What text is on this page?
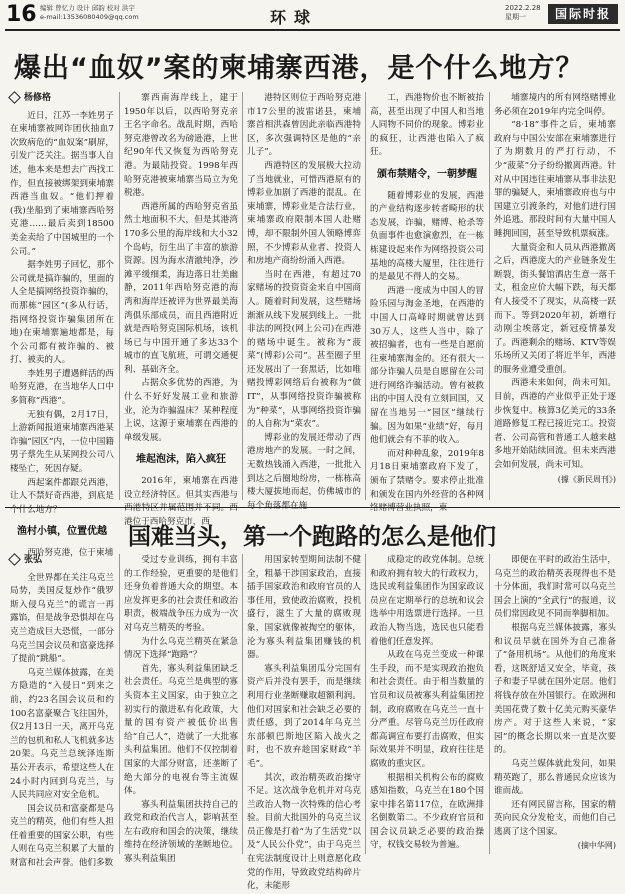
16 编辑 曾忆力 设计 邱韵 校对 洪宇
e-mail:13536080409@qq.com	环球	2022.2.28
星期一	国际时报
爆出“血奴”案的柬埔寨西港，是个什么地方？
杨修格

近日，江苏一李姓男子在柬埔寨被网诈团伙抽血7次致病危的“血奴案”刷屏，引发广泛关注。据当事人自述，他本来是想去广西找工作，但直接被绑架到柬埔寨西港当血奴。“他们押着(我)坐船到了柬埔寨西哈努克港……最后卖到18500美金卖给了中国城里的一个公司。”

据李姓男子回忆，那个公司就是搞诈骗的，里面的人全是搞网络投资诈骗的，而那栋“园区”(多从行话，指网络投资诈骗集团所在地)在柬埔寨遍地都是，每个公司都有被诈骗的、被打、被卖的人。

李姓男子遭遇鲜活的西哈努克港，在当地华人口中多简称“西港”。

无独有偶，2月17日，上游新闻报道柬埔寨西港某诈骗“园区”内，一位中国籍男子蔡先生从某网投公司八楼坠亡，死因存疑。

西起案件都跟兑西港，让人不禁好奇西港，到底是个什么地方？

渔村小镇，位置优越

西哈努克港，位于柬埔

寨西南海岸线上，建于1950年以后，以西哈努克亲王名字命名。战乱时期，西哈努克港曾改名为磅逊港，上世纪90年代又恢复为西哈努克港。为最陆投资。1998年西哈努克港被柬埔寨当局立为免税港。

西港所属的西哈努克省虽然土地面积不大，但是其港湾170多公里的海岸线和大小32个岛屿，衍生出了丰富的旅游资源。因为海水清澈纯净，沙滩平缓细柔，海边落日壮美幽静，2011年西哈努克港的海湾和海岸还被评为世界最美海湾俱乐部成员，而且西港附近就是西哈努克国际机场，该机场已与中国开通了多达33个城市的直飞航班，可谓交通便利、基础齐全。

占据众多优势的西港，为什么不好好发展工业和旅游业，沦为诈骗温床？某种程度上说，这源于柬埔寨在西港的单级发展。

堆起泡沫，陷入疯狂

2016年，柬埔寨在西港设立经济特区。但其实西港与西港特区并属范围并不同。西港位于西哈努克市，西

港特区则位于西哈努克港市17公里的波雷诺县，柬埔寨首相洪森曾因此亲临西港特区，多次强调特区是他的“亲儿子”。

西港特区的发展极大拉动了当地就业，可惜西港原有的博彩业加剧了西港的混乱。在柬埔寨，博彩业是合法行业，柬埔寨政府限制本国人赴赌博，却不限制外国人领略博弈照，不少博彩从业者、投资人和房地产商纷纷涌入西港。

当时在西港，有超过70家赌场的投资资金来自中国商人。随着时间发展，这些赌场渐渐从线下发展到线上。一批非法的网投(网上公司)在西港的赌场中诞生。被称为“菠菜”(博彩)公司”。甚至圈子里还发展出了一套黑话，比如唯赌投博彩网络后台被称为“做IT”，从事网络投资诈骗被称为“种菜”，从事网络投资诈骗的人自称为“菜农”。

博彩业的发展还带动了西港房地产的发展。一时之间，无数热钱涌入西港，一批批入到达之后圈地纷房，一栋栋高楼大厦拔地而起，仿佛城市的每个角落都在施

工，西港物价也不断被抬高，甚至出现了中国人和当地人同物不同价的现象。博彩业的疯狂，让西港也陷入了疯狂。

颁布禁赌令，一朝梦醒

随着博彩业的发展，西港的产业结构逐步转者畸形的状态发展，诈骗，赌博、枪杀等负面事件也愈演愈烈，在一栋栋建设起来作为网络投资公司基地的高楼大厦里，往往进行的是最见不得人的交易。

西港一度成为中国人的冒险乐园与淘金圣地，在西港的中国人口高峰时期就曾达到30万人，这些人当中，除了被招骗者，也有一些是自愿前往柬埔寨淘金的。还有很大一部分诈骗人员是自愿留在公司进行网络诈骗活动。曾有被救出的中国人没有立刻回国，又留在当地另一“园区”继续行骗。因为如果“业绩”好，每月他们就会有不菲的收入。

而对种种乱象，2019年8月18日柬埔寨政府下发了，颁布了禁赌令。要求停止批准和颁发在国内外经营的各种网络赌博营业执照，柬

埔寨境内的所有网络赌博业务必须在2019年内完全叫停。

“8·18”事件之后，柬埔寨政府与中国公安部在柬埔寨进行了为期数月的严打行动，不少“菠菜”分子纷纷撤离西港。针对从中国违往柬埔寨从事非法犯罪的骗疑人，柬埔寨政府也与中国建立引渡条约，对他们进行国外追逃。那段时间有大量中国人睡拥回国，甚至导致机票疯涨。

大量资金和人员从西港撤离之后，西港庞大的产业链条发生断裂，街头餐馆酒店生意一落千丈，租金应价大幅下跌，每天都有人接受不了现实，从高楼一跃而下。等到2020年初，新增行动刚尘埃落定，新冠疫情暴发了。西港剩余的赌场、KTV等娱乐场所又关闭了将近半年，西港的服务业遭受重创。

西港未来如何，尚未可知。目前，西港的产业似乎正处于逐步恢复中。核算3亿美元的33条道路修复工程已接近完工。投资者、公司高管和普通工人越来越多地开始陆续回流。但未来西港会如何发展，尚未可知。

(據《新民周刊》)
国难当头，第一个跑路的怎么是他们
张弘

全世界都在关注乌克兰局势，美国反复炒作“俄罗斯入侵乌克兰”的谎言一再露馅，但是战争恐惧却在乌克兰造成巨大恐慌，一部分乌克兰国会议员和富豪选择了提前“跳船”。

乌克兰媒体披露，在美方隐造的“入侵日”到来之前，约23名国会议员和约100名富豪聚合飞往国外，仅2月13日一天，离开乌克兰的包机和私人飞机就多达20架。乌克兰总统泽连斯基公开表示，希望这些人在24小时内回到乌克兰，与人民共同应对安全危机。

国会议员和富豪都是乌克兰的精英，他们有些人担任着重要的国家公职，有些人则在乌克兰积累了大量的财富和社会声誉。他们多数

受过专业训练，拥有丰富的工作经验，更重要的是他们还身负着普通大众的期望。本应发挥更多的社会责任和政治职责，极端战争压力成为一次对乌克兰精英的考验。

为什么乌克兰精英在紧急情况下选择“跑路”？

首先，寡头利益集团缺乏社会责任。乌克兰是典型的寡头资本主义国家，由于独立之初实行的激进私有化政策，大量的国有资产被低价出售给“自己人”，造就了一大批寡头利益集团。他们不仅控制着国家的大部分财富，还垄断了绝大部分的电视台等主流媒体。

寡头利益集团扶持自己的政党和政治代言人，影响甚至左右政府和国会的决策，继续维持在经济领域的垄断地位。寡头利益集团

用国家转型期间法制不健全，粗暴干涉国家政治，直接插手国家政治和政府官员的人事任用，致使政治腐败，投机盛行，滋生了大量的腐败现象，国家就像被掏空的躯体，沦为寡头利益集团赚钱的机器。

寡头利益集团瓜分完国有资产后并没有罢手，而是继续利用行业垄断赚取超额利润。他们对国家和社会缺乏必要的责任感，到了2014年乌克兰东部顿巴斯地区陷入战火之时，也不放弃趁国家财政“羊毛”。

其次，政治精英政治操守不足。这次战争危机并对乌克兰政治人物一次特殊的信心考验。目前大批国外的乌克兰议员正像是打着“为了生活党”以及“人民公仆党”，由于乌克兰在宪法制度设计上则意愿化政党的作用，导致政党结构碎片化，未能形

成稳定的政党体制。总统和政府拥有较大的行政权力，选民或利益集团作为国家政议员应在定期举行的总统和议会选举中用选票进行选择。一旦政治人物当选，选民也只能看着他们任意发挥。

从政在乌克兰变成一种课生手段，而不是实现政治抱负和社会责任。由于相当数量的官员和议员被寡头利益集团控制，政府腐败在乌克兰一直十分严重。尽管乌克兰历任政府都高调宣布要打击腐败，但实际效果并不明显，政府往往是腐败的重灾区。

根据相关机构公布的腐败感知指数，乌克兰在180个国家中排名第117位，在欧洲排名倒数第二。不少政府官员和国会议员缺乏必要的政治操守，权钱交易较为普遍。

即便在平时的政治生活中，乌克兰的政治精英表现得也不是十分体面，我们时常可以乌克兰国会上演的“全武行”的报道，议员们常因政见不同而拳脚相加。

根据乌克兰媒体披露，寡头和议员早就在国外为自己准备了“备用机场”。从他们的角度来看，这既舒适又安全，毕竟，孩子和妻子早就在国外定居。他们将钱存放在外国银行。在欧洲和美国花费了数十亿美元购买豪华房产。对于这些人来说，“家园”的概念长期以来一直是次要的。

乌克兰媒体就此发问，如果精英跑了，那么普通民众应该为谁而战。

还有网民留言称，国家的精英向民众分发枪支，而他们自己逃离了这个国家。

(摘中华网)
